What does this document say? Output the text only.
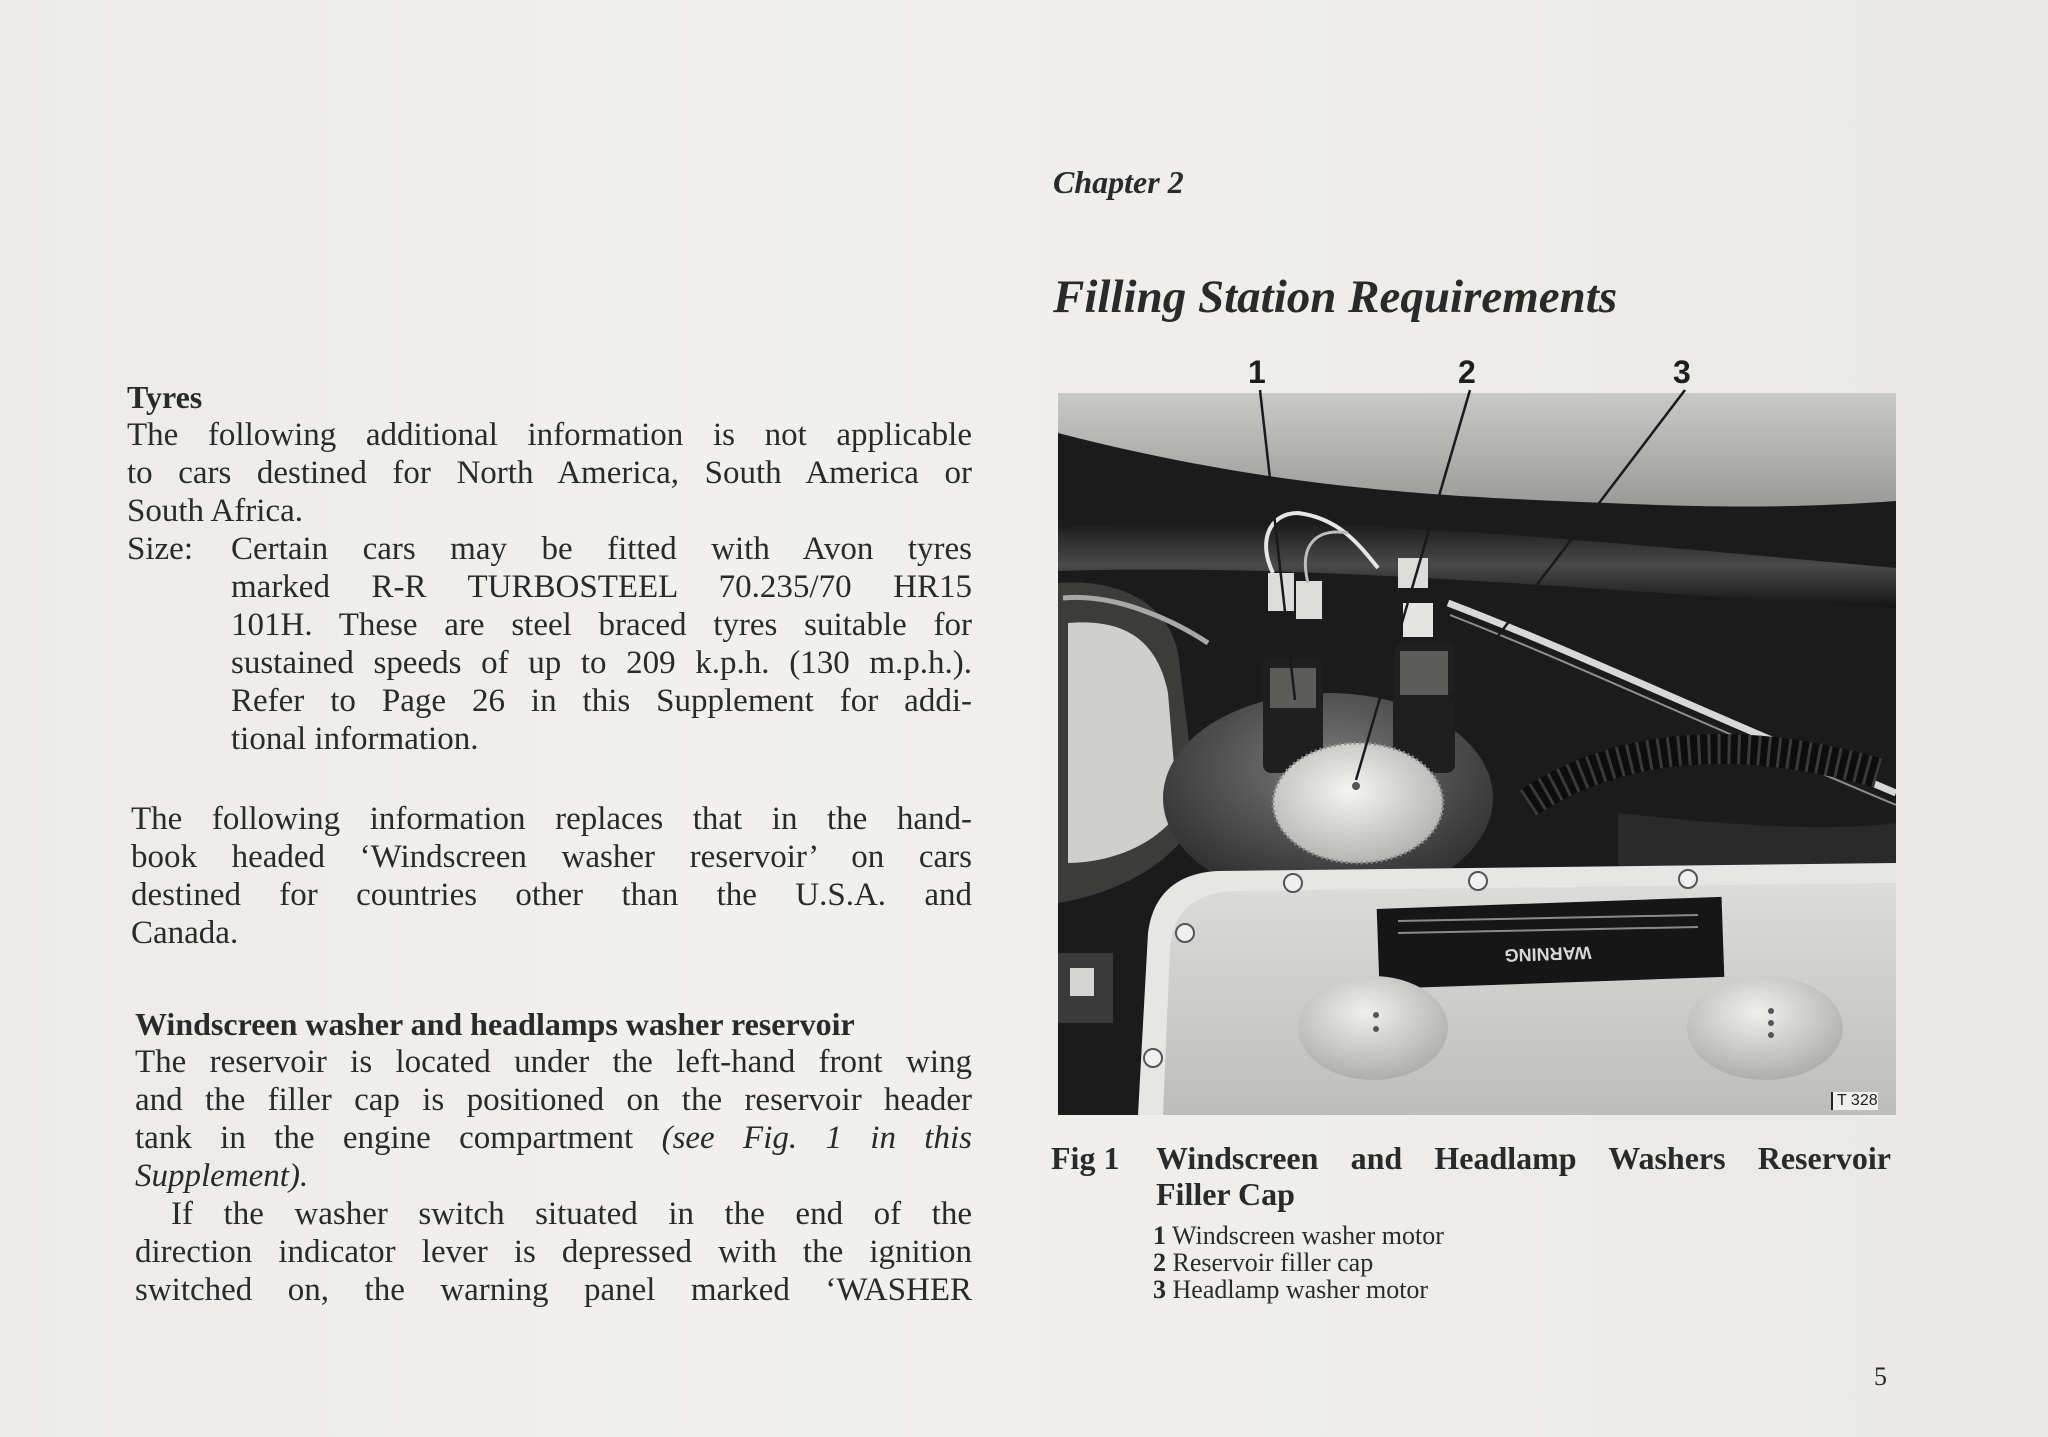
Tyres

The following additional information is not applicable

to cars destined for North America, South America or

South Africa.

Size:	Certain cars may be fitted with Avon tyres

marked R-R TURBOSTEEL 70.235/70 HR15

101H. These are steel braced tyres suitable for

sustained speeds of up to 209 k.p.h. (130 m.p.h.).

Refer to Page 26 in this Supplement for addi-

tional information.

The following information replaces that in the hand-

book headed ‘Windscreen washer reservoir’ on cars

destined for countries other than the U.S.A. and

Canada.

Windscreen washer and headlamps washer reservoir

The reservoir is located under the left-hand front wing

and the filler cap is positioned on the reservoir header

tank in the engine compartment (see Fig. 1 in this

Supplement).

If the washer switch situated in the end of the

direction indicator lever is depressed with the ignition

switched on, the warning panel marked ‘WASHER

Chapter 2
Filling Station Requirements
1	2	3
WARNING
T 328
Fig 1 Windscreen and Headlamp Washers Reservoir
Filler Cap
1 Windscreen washer motor
2 Reservoir filler cap
3 Headlamp washer motor
5
